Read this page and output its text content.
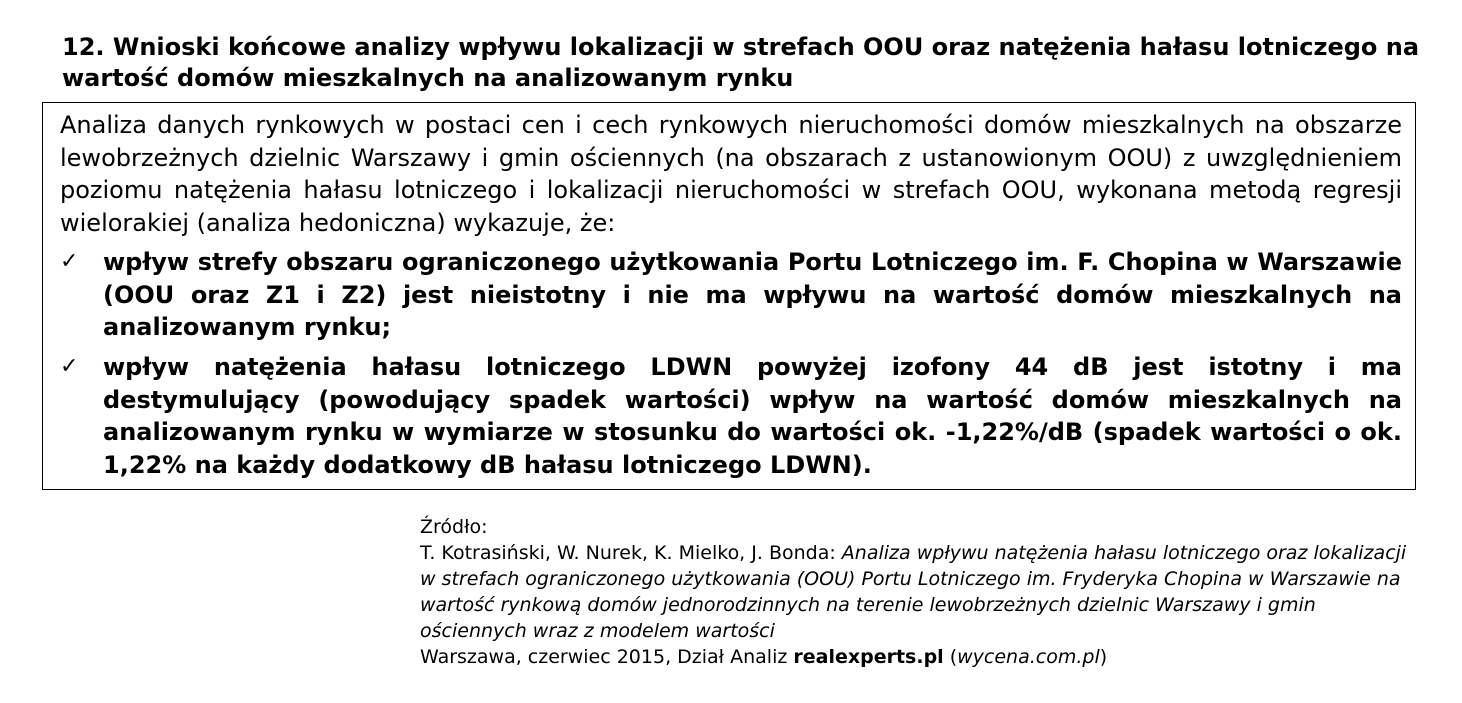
12. Wnioski końcowe analizy wpływu lokalizacji w strefach OOU oraz natężenia hałasu lotniczego na wartość domów mieszkalnych na analizowanym rynku

Analiza danych rynkowych w postaci cen i cech rynkowych nieruchomości domów mieszkalnych na obszarze lewobrzeżnych dzielnic Warszawy i gmin ościennych (na obszarach z ustanowionym OOU) z uwzględnieniem poziomu natężenia hałasu lotniczego i lokalizacji nieruchomości w strefach OOU, wykonana metodą regresji wielorakiej (analiza hedoniczna) wykazuje, że:

✓	wpływ strefy obszaru ograniczonego użytkowania Portu Lotniczego im. F. Chopina w Warszawie (OOU oraz Z1 i Z2) jest nieistotny i nie ma wpływu na wartość domów mieszkalnych na analizowanym rynku;

✓	wpływ natężenia hałasu lotniczego LDWN powyżej izofony 44 dB jest istotny i ma destymulujący (powodujący spadek wartości) wpływ na wartość domów mieszkalnych na analizowanym rynku w wymiarze w stosunku do wartości ok. -1,22%/dB (spadek wartości o ok. 1,22% na każdy dodatkowy dB hałasu lotniczego LDWN).

Źródło:
T. Kotrasiński, W. Nurek, K. Mielko, J. Bonda: Analiza wpływu natężenia hałasu lotniczego oraz lokalizacji w strefach ograniczonego użytkowania (OOU) Portu Lotniczego im. Fryderyka Chopina w Warszawie na wartość rynkową domów jednorodzinnych na terenie lewobrzeżnych dzielnic Warszawy i gmin ościennych wraz z modelem wartości
Warszawa, czerwiec 2015, Dział Analiz realexperts.pl (wycena.com.pl)
